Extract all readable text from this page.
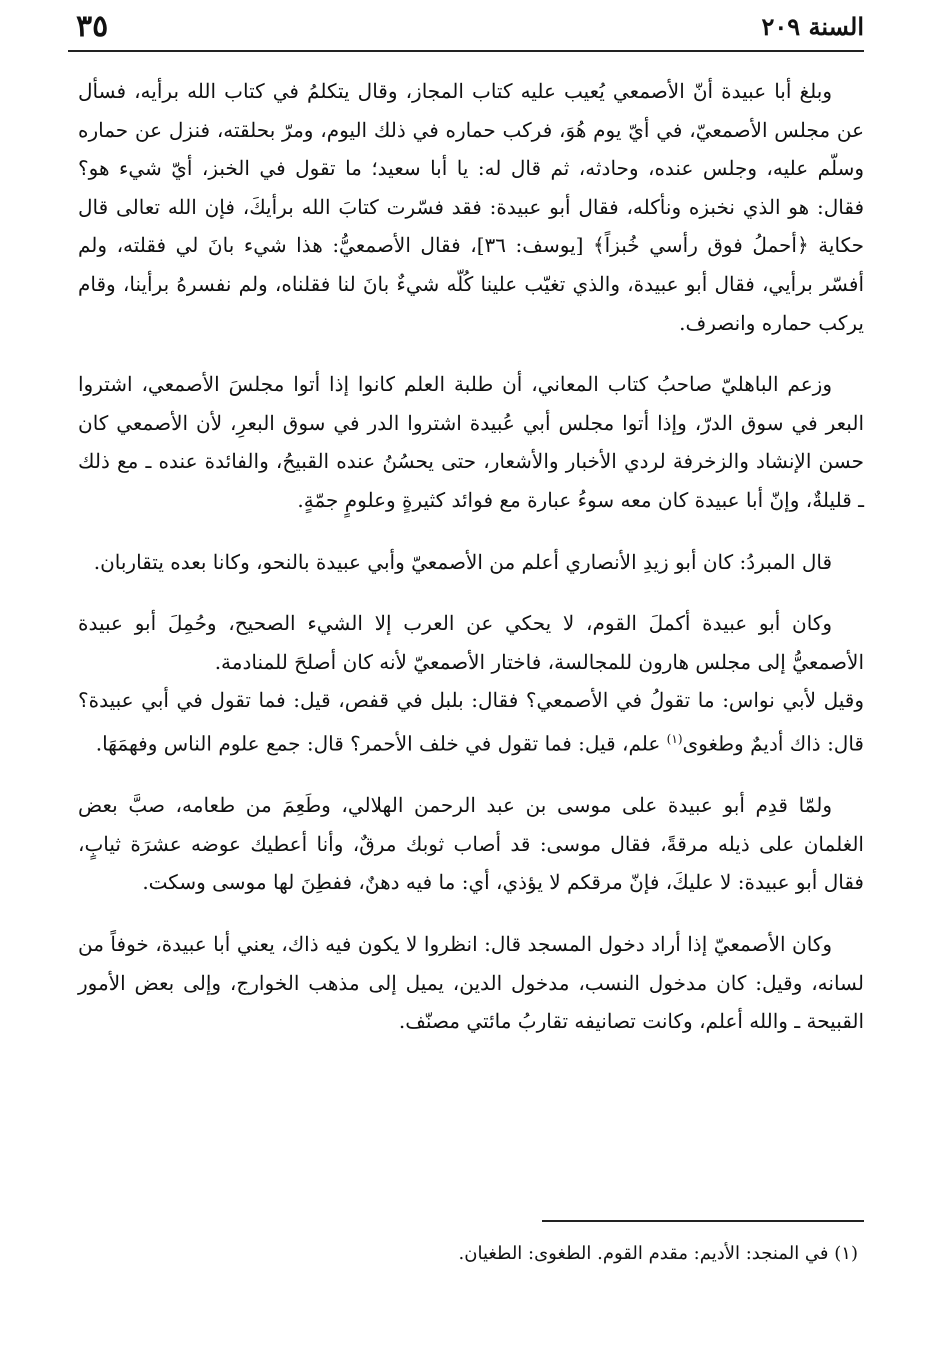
٣٥	السنة ٢٠٩

وبلغ أبا عبيدة أنّ الأصمعي يُعيب عليه كتاب المجاز، وقال يتكلمُ في كتاب الله برأيه، فسأل عن مجلس الأصمعيّ، في أيّ يوم هُوَ، فركب حماره في ذلك اليوم، ومرّ بحلقته، فنزل عن حماره وسلّم عليه، وجلس عنده، وحادثه، ثم قال له: يا أبا سعيد؛ ما تقول في الخبز، أيّ شيء هو؟ فقال: هو الذي نخبزه ونأكله، فقال أبو عبيدة: فقد فسّرت كتابَ الله برأيكَ، فإن الله تعالى قال حكاية ﴿أحملُ فوق رأسي خُبزاً﴾ [يوسف: ٣٦]، فقال الأصمعيُّ: هذا شيء بانَ لي فقلته، ولم أفسّر برأيي، فقال أبو عبيدة، والذي تغيّب علينا كُلّه شيءٌ بانَ لنا فقلناه، ولم نفسرهُ برأينا، وقام يركب حماره وانصرف.

وزعم الباهليّ صاحبُ كتاب المعاني، أن طلبة العلم كانوا إذا أتوا مجلسَ الأصمعي، اشتروا البعر في سوق الدرّ، وإذا أتوا مجلس أبي عُبيدة اشتروا الدر في سوق البعرِ، لأن الأصمعي كان حسن الإنشاد والزخرفة لردي الأخبار والأشعار، حتى يحسُنُ عنده القبيحُ، والفائدة عنده ـ مع ذلك ـ قليلةٌ، وإنّ أبا عبيدة كان معه سوءُ عبارة مع فوائد كثيرةٍ وعلومٍ جمّةٍ.

قال المبردُ: كان أبو زيدِ الأنصاري أعلم من الأصمعيّ وأبي عبيدة بالنحو، وكانا بعده يتقاربان.

وكان أبو عبيدة أكملَ القوم، لا يحكي عن العرب إلا الشيء الصحيح، وحُمِلَ أبو عبيدة الأصمعيُّ إلى مجلس هارون للمجالسة، فاختار الأصمعيّ لأنه كان أصلحَ للمنادمة.

وقيل لأبي نواس: ما تقولُ في الأصمعي؟ فقال: بلبل في قفص، قيل: فما تقول في أبي عبيدة؟ قال: ذاك أديمٌ وطغوى$^{(١)}$ علم، قيل: فما تقول في خلف الأحمر؟ قال: جمع علوم الناس وفهمَهَا.

ولمّا قدِم أبو عبيدة على موسى بن عبد الرحمن الهلالي، وطَعِمَ من طعامه، صبَّ بعض الغلمان على ذيله مرقةً، فقال موسى: قد أصاب ثوبك مرقٌ، وأنا أعطيك عوضه عشرَة ثيابٍ، فقال أبو عبيدة: لا عليكَ، فإنّ مرقكم لا يؤذي، أي: ما فيه دهنٌ، ففطِنَ لها موسى وسكت.

وكان الأصمعيّ إذا أراد دخول المسجد قال: انظروا لا يكون فيه ذاك، يعني أبا عبيدة، خوفاً من لسانه، وقيل: كان مدخول النسب، مدخول الدين، يميل إلى مذهب الخوارج، وإلى بعض الأمور القبيحة ـ والله أعلم، وكانت تصانيفه تقاربُ مائتي مصنّف.

(١) في المنجد: الأديم: مقدم القوم. الطغوى: الطغيان.
